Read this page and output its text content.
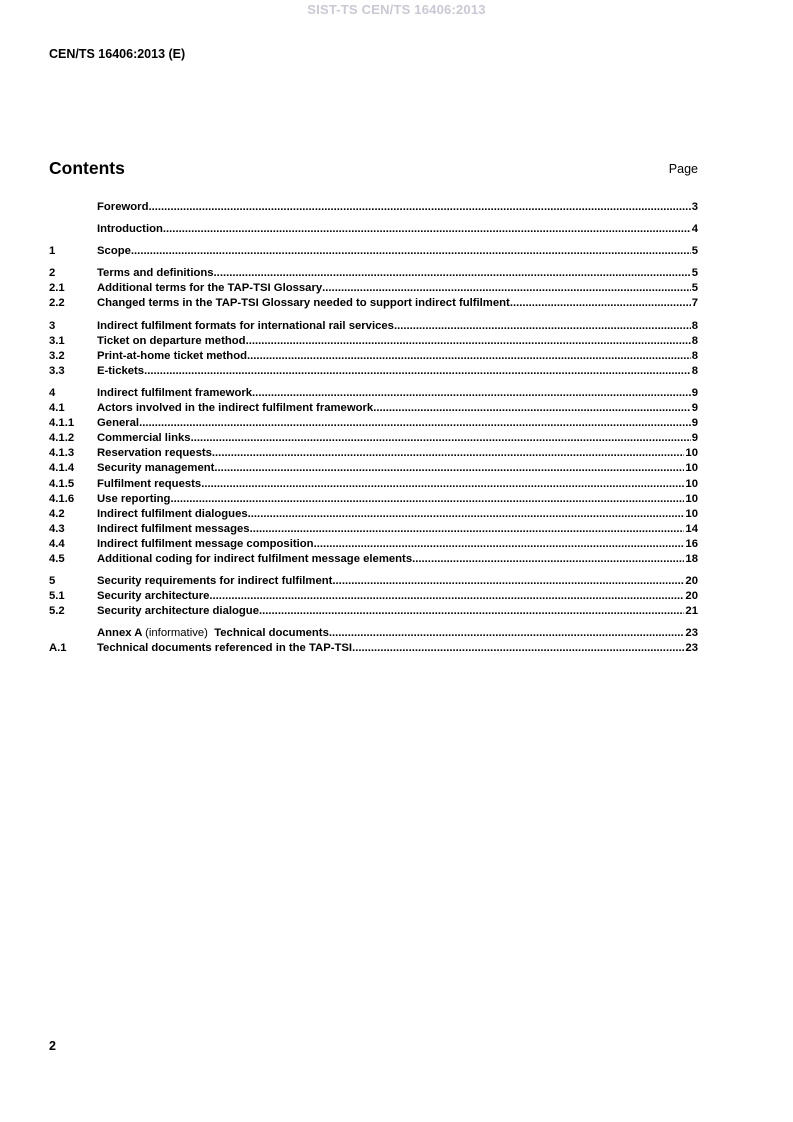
SIST-TS CEN/TS 16406:2013
CEN/TS 16406:2013 (E)
Contents	Page
Foreword .....	3
Introduction .....	4
1	Scope .....	5
2	Terms and definitions .....	5
2.1	Additional terms for the TAP-TSI Glossary .....	5
2.2	Changed terms in the TAP-TSI Glossary needed to support indirect fulfilment .....	7
3	Indirect fulfilment formats for international rail services .....	8
3.1	Ticket on departure method .....	8
3.2	Print-at-home ticket method .....	8
3.3	E-tickets .....	8
4	Indirect fulfilment framework .....	9
4.1	Actors involved in the indirect fulfilment framework .....	9
4.1.1	General .....	9
4.1.2	Commercial links .....	9
4.1.3	Reservation requests .....	10
4.1.4	Security management .....	10
4.1.5	Fulfilment requests .....	10
4.1.6	Use reporting .....	10
4.2	Indirect fulfilment dialogues .....	10
4.3	Indirect fulfilment messages .....	14
4.4	Indirect fulfilment message composition .....	16
4.5	Additional coding for indirect fulfilment message elements .....	18
5	Security requirements for indirect fulfilment .....	20
5.1	Security architecture .....	20
5.2	Security architecture dialogue .....	21
Annex A (informative) Technical documents .....	23
A.1	Technical documents referenced in the TAP-TSI .....	23
2
